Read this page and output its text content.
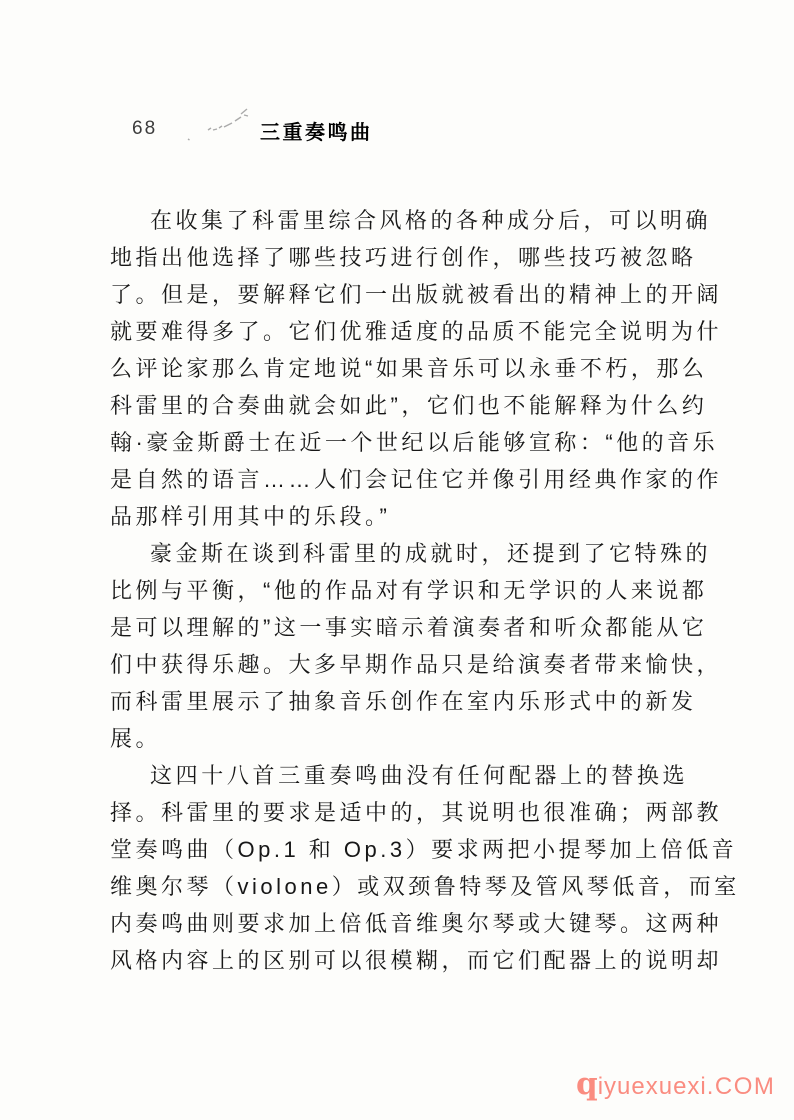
68	三重奏鸣曲
在收集了科雷里综合风格的各种成分后，可以明确
地指出他选择了哪些技巧进行创作，哪些技巧被忽略
了。但是，要解释它们一出版就被看出的精神上的开阔
就要难得多了。它们优雅适度的品质不能完全说明为什
么评论家那么肯定地说“如果音乐可以永垂不朽，那么
科雷里的合奏曲就会如此”，它们也不能解释为什么约
翰·豪金斯爵士在近一个世纪以后能够宣称：“他的音乐
是自然的语言……人们会记住它并像引用经典作家的作
品那样引用其中的乐段。”
豪金斯在谈到科雷里的成就时，还提到了它特殊的
比例与平衡，“他的作品对有学识和无学识的人来说都
是可以理解的”这一事实暗示着演奏者和听众都能从它
们中获得乐趣。大多早期作品只是给演奏者带来愉快，
而科雷里展示了抽象音乐创作在室内乐形式中的新发
展。
这四十八首三重奏鸣曲没有任何配器上的替换选
择。科雷里的要求是适中的，其说明也很准确；两部教
堂奏鸣曲（Op.1 和 Op.3）要求两把小提琴加上倍低音
维奥尔琴（violone）或双颈鲁特琴及管风琴低音，而室
内奏鸣曲则要求加上倍低音维奥尔琴或大键琴。这两种
风格内容上的区别可以很模糊，而它们配器上的说明却
qiyuexuexi.COM
